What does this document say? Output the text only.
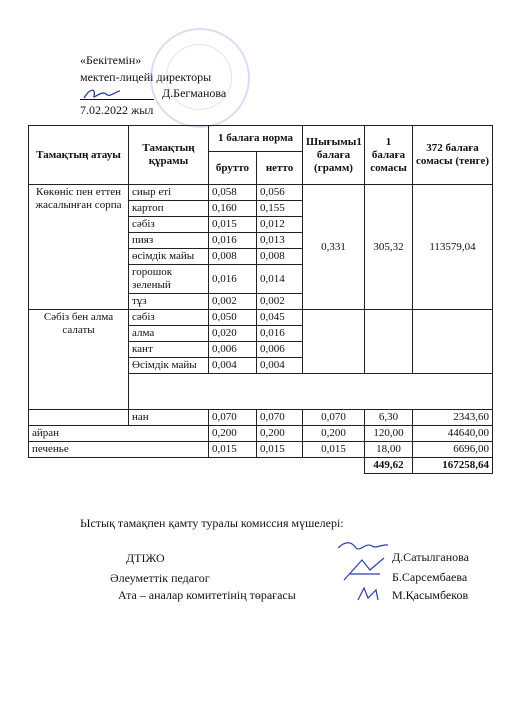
«Бекітемін»
мектеп-лицейі директоры
Д.Бегманова
7.02.2022 жыл
Тамақтың атауы	Тамақтың құрамы	1 балаға норма		Шығымы1 балаға (грамм)	1 балаға сомасы	372 балаға сомасы (тенге)
		брутто	нетто			
Көкөніс пен еттен жасалынған сорпа	сиыр еті	0,058	0,056	0,331	305,32	113579,04
	картоп	0,160	0,155			
	сәбіз	0,015	0,012			
	пияз	0,016	0,013			
	өсімдік майы	0,008	0,008			
	горошок зеленый	0,016	0,014			
	тұз	0,002	0,002			
Сәбіз бен алма салаты	сәбіз	0,050	0,045			
	алма	0,020	0,016			
	кант	0,006	0,006			
	Өсімдік майы	0,004	0,004			

	нан	0,070	0,070	0,070	6,30	2343,60
айран		0,200	0,200	0,200	120,00	44640,00
печенье		0,015	0,015	0,015	18,00	6696,00
					449,62	167258,64
Ыстық тамақпен қамту туралы комиссия мүшелері:
ДТІЖО
Әлеуметтік педагог
Ата – аналар комитетінің төрағасы
Д.Сатылганова
Б.Сарсембаева
М.Қасымбеков
